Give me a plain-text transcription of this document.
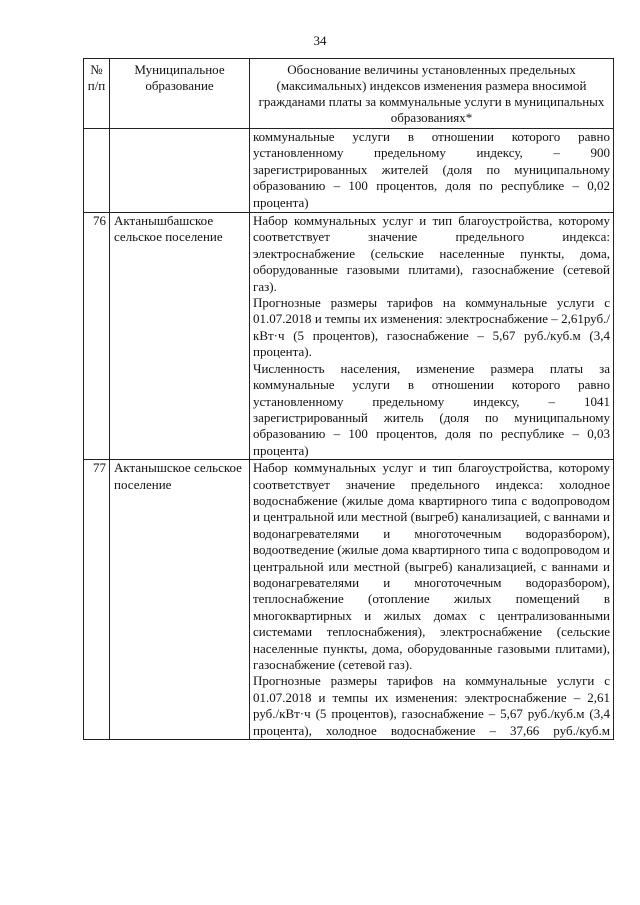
34
№ п/п	Муниципальное образование	Обоснование величины установленных предельных (максимальных) индексов изменения размера вносимой гражданами платы за коммунальные услуги в муниципальных образованиях*

		коммунальные услуги в отношении которого равно установленному предельному индексу, – 900 зарегистрированных жителей (доля по муниципальному образованию – 100 процентов, доля по республике – 0,02 процента)

76	Актанышбашское сельское поселение	Набор коммунальных услуг и тип благоустройства, которому соответствует значение предельного индекса: электроснабжение (сельские населенные пункты, дома, оборудованные газовыми плитами), газоснабжение (сетевой газ).
Прогнозные размеры тарифов на коммунальные услуги с 01.07.2018 и темпы их изменения: электроснабжение – 2,61руб./кВт·ч (5 процентов), газоснабжение – 5,67 руб./куб.м (3,4 процента).
Численность населения, изменение размера платы за коммунальные услуги в отношении которого равно установленному предельному индексу, – 1041 зарегистрированный житель (доля по муниципальному образованию – 100 процентов, доля по республике – 0,03 процента)

77	Актанышское сельское поселение	Набор коммунальных услуг и тип благоустройства, которому соответствует значение предельного индекса: холодное водоснабжение (жилые дома квартирного типа с водопроводом и центральной или местной (выгреб) канализацией, с ваннами и водонагревателями и многоточечным водоразбором), водоотведение (жилые дома квартирного типа с водопроводом и центральной или местной (выгреб) канализацией, с ваннами и водонагревателями и многоточечным водоразбором), теплоснабжение (отопление жилых помещений в многоквартирных и жилых домах с централизованными системами теплоснабжения), электроснабжение (сельские населенные пункты, дома, оборудованные газовыми плитами), газоснабжение (сетевой газ).
Прогнозные размеры тарифов на коммунальные услуги с 01.07.2018 и темпы их изменения: электроснабжение – 2,61 руб./кВт·ч (5 процентов), газоснабжение – 5,67 руб./куб.м (3,4 процента), холодное водоснабжение – 37,66 руб./куб.м
